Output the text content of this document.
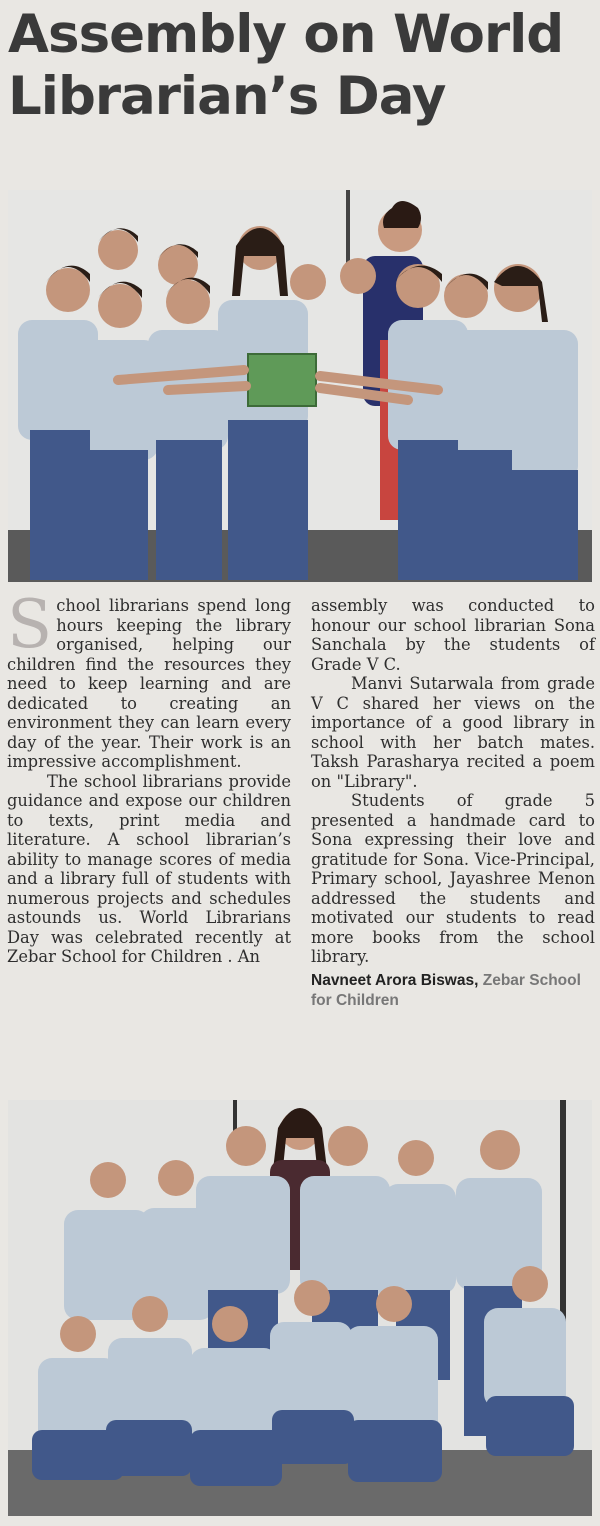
Assembly on World
Librarian’s Day

School librarians spend long hours keeping the library organised, helping our children find the resources they need to keep learning and are dedicated to creating an environment they can learn every day of the year. Their work is an impressive accomplishment.

The school librarians provide guidance and expose our children to texts, print media and literature. A school librarian’s ability to manage scores of media and a library full of students with numerous projects and schedules astounds us. World Librarians Day was celebrated recently at Zebar School for Children . An

assembly was conducted to honour our school librarian Sona Sanchala by the students of Grade V C.

Manvi Sutarwala from grade V C shared her views on the importance of a good library in school with her batch mates. Taksh Parasharya recited a poem on "Library".

Students of grade 5 presented a handmade card to Sona expressing their love and gratitude for Sona. Vice-Principal, Primary school, Jayashree Menon addressed the students and motivated our students to read more books from the school library.

Navneet Arora Biswas, Zebar School for Children
